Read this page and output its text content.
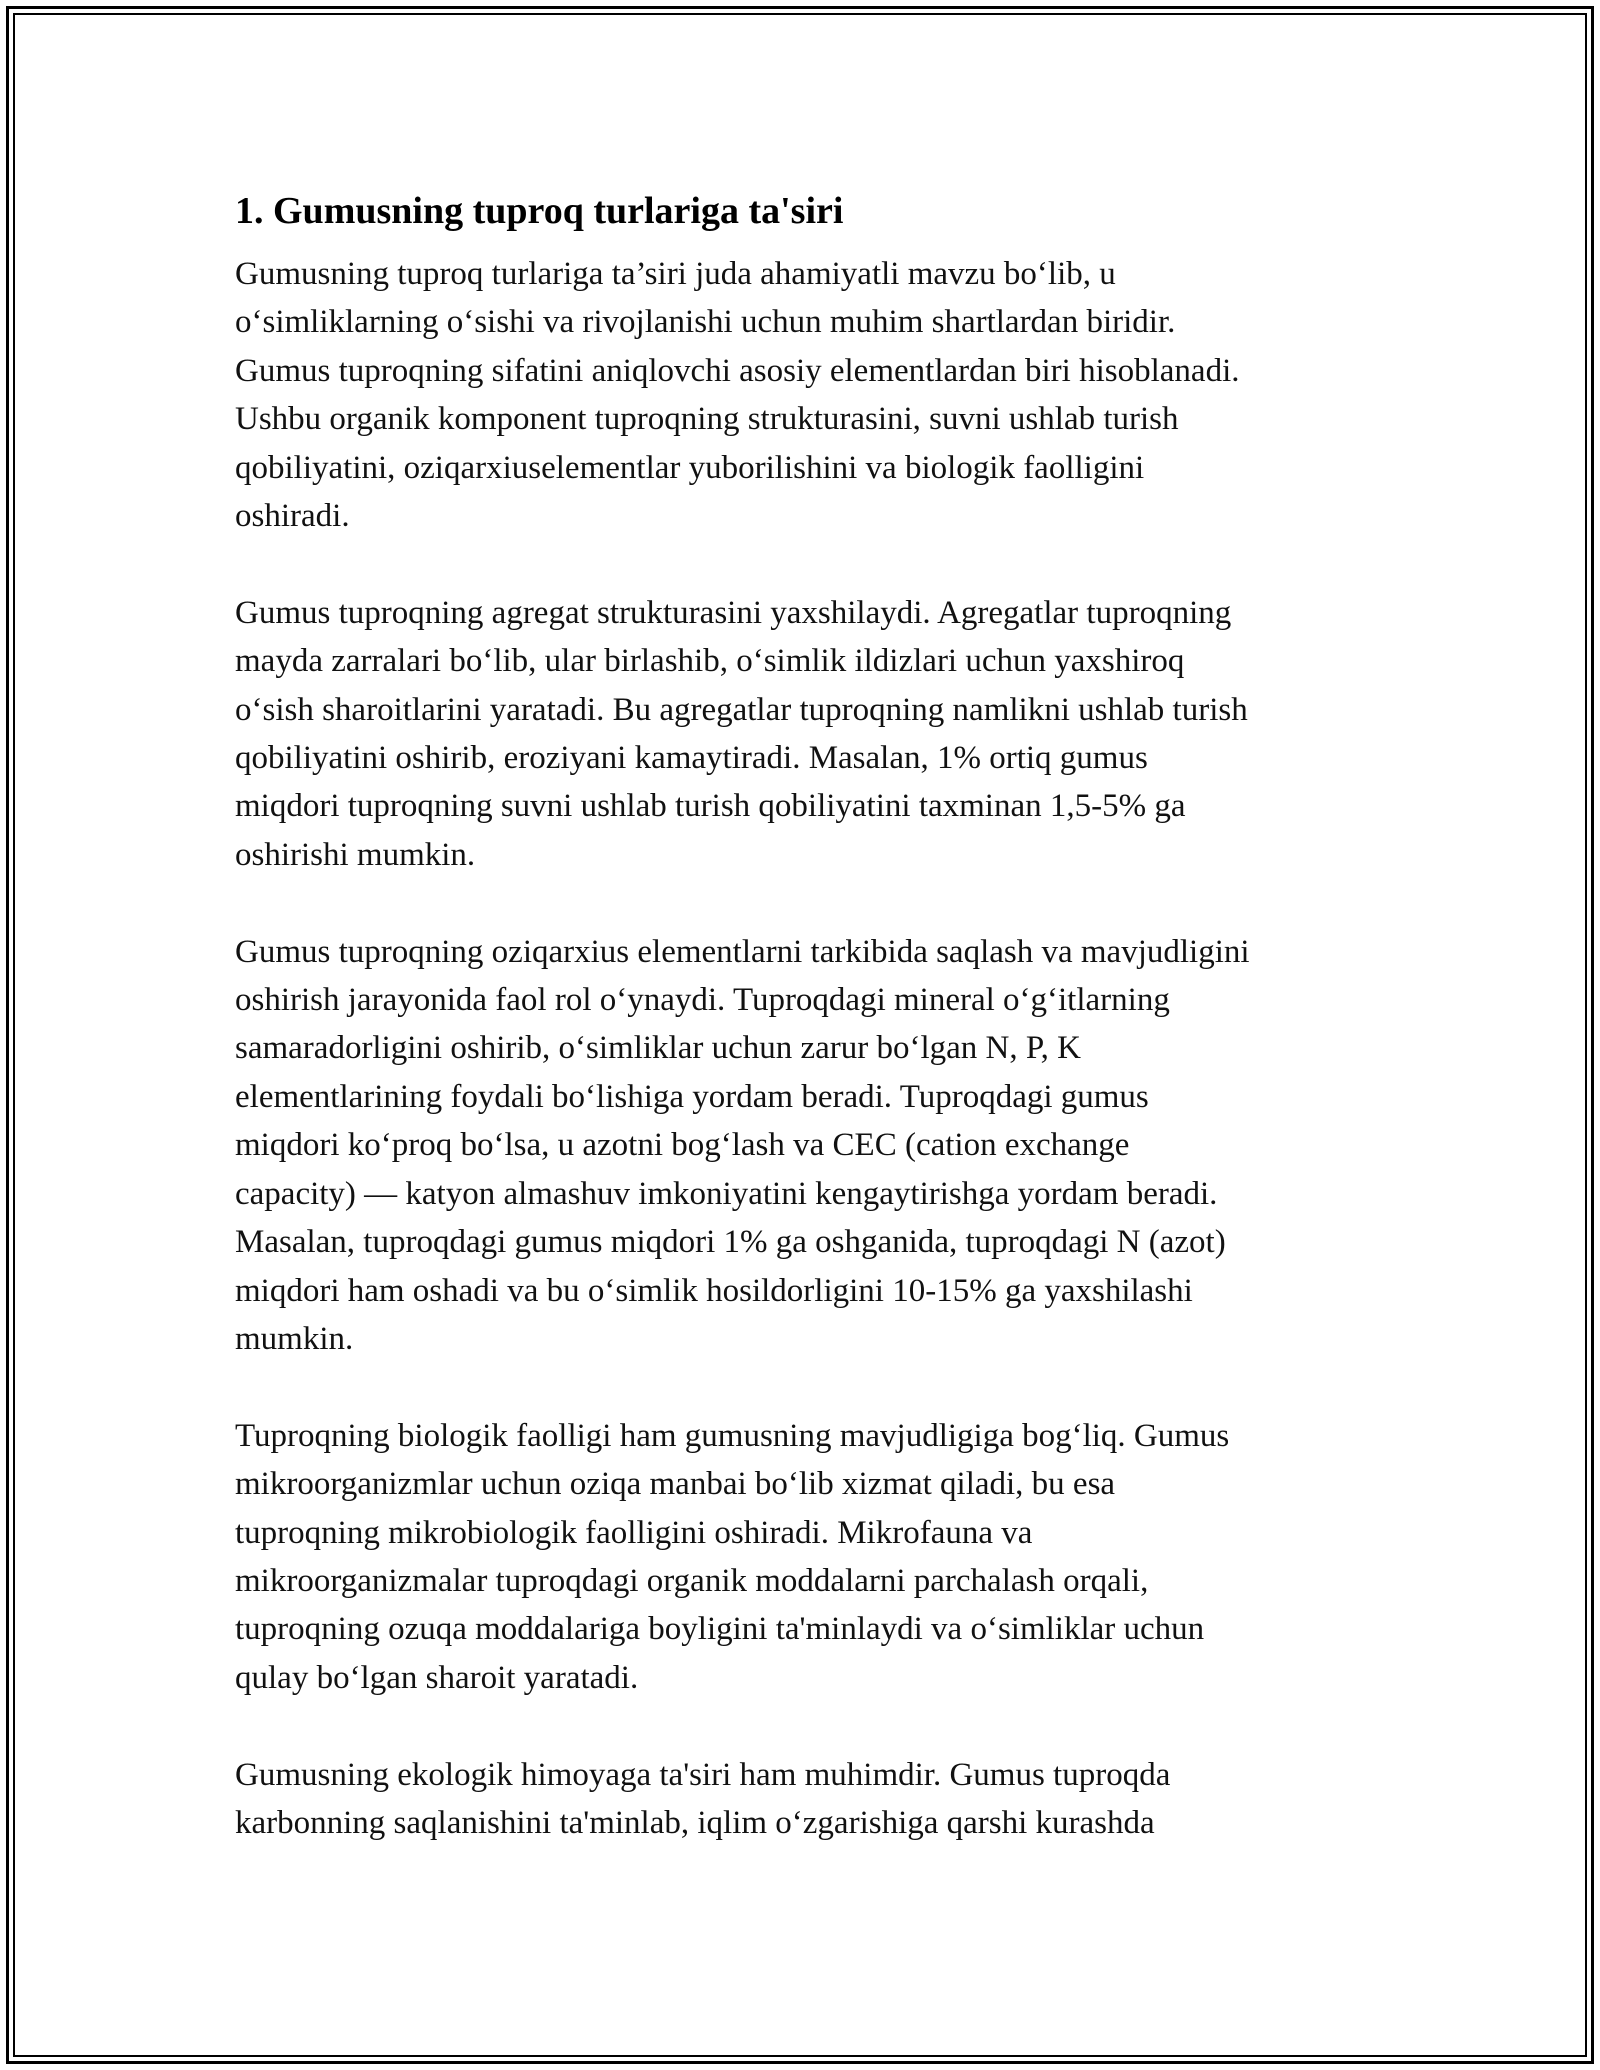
1. Gumusning tuproq turlariga ta'siri

Gumusning tuproq turlariga ta’siri juda ahamiyatli mavzu bo‘lib, u
o‘simliklarning o‘sishi va rivojlanishi uchun muhim shartlardan biridir.
Gumus tuproqning sifatini aniqlovchi asosiy elementlardan biri hisoblanadi.
Ushbu organik komponent tuproqning strukturasini, suvni ushlab turish
qobiliyatini, oziqarxiuselementlar yuborilishini va biologik faolligini
oshiradi.

Gumus tuproqning agregat strukturasini yaxshilaydi. Agregatlar tuproqning
mayda zarralari bo‘lib, ular birlashib, o‘simlik ildizlari uchun yaxshiroq
o‘sish sharoitlarini yaratadi. Bu agregatlar tuproqning namlikni ushlab turish
qobiliyatini oshirib, eroziyani kamaytiradi. Masalan, 1% ortiq gumus
miqdori tuproqning suvni ushlab turish qobiliyatini taxminan 1,5-5% ga
oshirishi mumkin.

Gumus tuproqning oziqarxius elementlarni tarkibida saqlash va mavjudligini
oshirish jarayonida faol rol o‘ynaydi. Tuproqdagi mineral o‘g‘itlarning
samaradorligini oshirib, o‘simliklar uchun zarur bo‘lgan N, P, K
elementlarining foydali bo‘lishiga yordam beradi. Tuproqdagi gumus
miqdori ko‘proq bo‘lsa, u azotni bog‘lash va CEC (cation exchange
capacity) — katyon almashuv imkoniyatini kengaytirishga yordam beradi.
Masalan, tuproqdagi gumus miqdori 1% ga oshganida, tuproqdagi N (azot)
miqdori ham oshadi va bu o‘simlik hosildorligini 10-15% ga yaxshilashi
mumkin.

Tuproqning biologik faolligi ham gumusning mavjudligiga bog‘liq. Gumus
mikroorganizmlar uchun oziqa manbai bo‘lib xizmat qiladi, bu esa
tuproqning mikrobiologik faolligini oshiradi. Mikrofauna va
mikroorganizmalar tuproqdagi organik moddalarni parchalash orqali,
tuproqning ozuqa moddalariga boyligini ta'minlaydi va o‘simliklar uchun
qulay bo‘lgan sharoit yaratadi.

Gumusning ekologik himoyaga ta'siri ham muhimdir. Gumus tuproqda
karbonning saqlanishini ta'minlab, iqlim o‘zgarishiga qarshi kurashda
